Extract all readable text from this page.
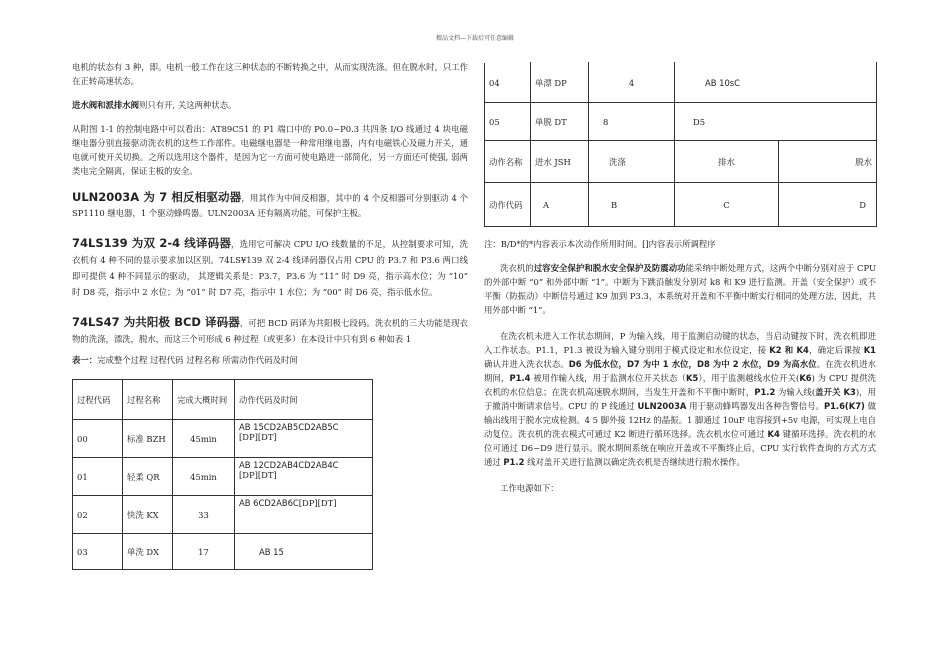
精品文档---下载后可任意编辑

电机的状态有 3 种，即。电机一般工作在这三种状态的不断转换之中，从而实现洗涤。但在脱水时，只工作在正转高速状态。

进水阀和派排水阀则只有开, 关这两种状态。

从附图 1-1 的控制电路中可以看出：AT89C51 的 P1 端口中的 P0.0~P0.3 共四条 I/O 线通过 4 块电磁继电器分别直接驱动洗衣机的这些工作部件。电磁继电器是一种常用继电器，内有电磁铁心及磁力开关，通电就可使开关切换。之所以选用这个器件，是因为它一方面可使电路进一部简化，另一方面还可使强, 弱两类电完全隔离，保证主板的安全。

ULN2003A 为 7 相反相驱动器，用其作为中间反相器，其中的 4 个反相器可分别驱动 4 个 SP1110 继电器，1 个驱动蜂鸣器。ULN2003A 还有隔离功能，可保护主板。

74LS139 为双 2-4 线译码器，选用它可解决 CPU I/O 线数量的不足，从控制要求可知，洗衣机有 4 种不同的显示要求加以区别。74LS¥139 双 2-4 线译码器仅占用 CPU 的 P3.7 和 P3.6 两口线即可提供 4 种不同显示的驱动， 其逻辑关系是：P3.7，P3.6 为 “11” 时 D9 亮，指示高水位；为 “10” 时 D8 亮，指示中 2 水位；为 “01” 时 D7 亮，指示中 1 水位；为 “00” 时 D6 亮，指示低水位。

74LS47 为共阳极 BCD 译码器，可把 BCD 码译为共阳极七段码。洗衣机的三大功能是现衣物的洗涤，漂洗，脱水，而这三个可形成 6 种过程（或更多）在本设计中只有到 6 种如表 1

表一：完成整个过程 过程代码 过程名称 所需动作代码及时间

过程代码	过程名称	完成大概时间	动作代码及时间
00	标准 BZH	45min	AB 15CD2AB5CD2AB5C
[DP][DT]

01	轻柔 QR	45min	AB 12CD2AB4CD2AB4C
[DP][DT]

02	快洗 KX	33	AB 6CD2AB6C[DP][DT]
03	单洗 DX	17	AB 15
04	单漂 DP	4	AB 10sC	
05	单脱 DT	8	D5	
动作名称	进水 JSH	洗涤	排水	脱水
动作代码	A	B	C	D

注：B/D*的*内容表示本次动作所用时间。[]内容表示所调程序

洗衣机的过容安全保护和脱水安全保护及防震动功能采纳中断处理方式，这两个中断分别对应于 CPU 的外部中断 “0” 和外部中断 “1”。中断为下跳沿触发分别对 k8 和 K9 进行监测。开盖（安全保护）或不平衡（防振动）中断信号通过 K9 加到 P3.3，本系统对开盖和不平衡中断实行相同的处理方法，因此，共用外部中断 “1”。

在洗衣机未进入工作状态期间，P 为输入线，用于监测启动键的状态，当启动键按下时，洗衣机即进入工作状态。P1.1，P1.3 被设为输入键分别用于模式设定和水位设定，接 K2 和 K4，确定后课按 K1 确认并进入洗衣状态。D6 为低水位，D7 为中 1 水位，D8 为中 2 水位，D9 为高水位。在洗衣机进水期间，P1.4 被用作输入线，用于监测水位开关状态（K5），用于监测越线水位开关(K6) 为 CPU 提供洗衣机的水位信息；在洗衣机高速脱水期间，当发生开盖和不平衡中断时，P1.2 为输入线(盖开关 K3)，用于撤消中断请求信号。CPU 的 P 线通过 ULN2003A 用于驱动蜂鸣器发出各种告警信号。P1.6(K7) 做输出线用于脱水完成检测。4 5 脚外接 12Hz 的晶振。1 脚通过 10uF 电容接到+5v 电源，可实现上电自动复位。洗衣机的洗衣模式可通过 K2 断进行循环选择。洗衣机水位可通过 K4 键循环选择。洗衣机的水位可通过 D6~D9 进行显示。脱水期间系统在响应开盖或不平衡终止后，CPU 实行软件查询的方式方式通过 P1.2 线对盖开关进行监测以确定洗衣机是否继续进行脱水操作。

工作电源如下：
